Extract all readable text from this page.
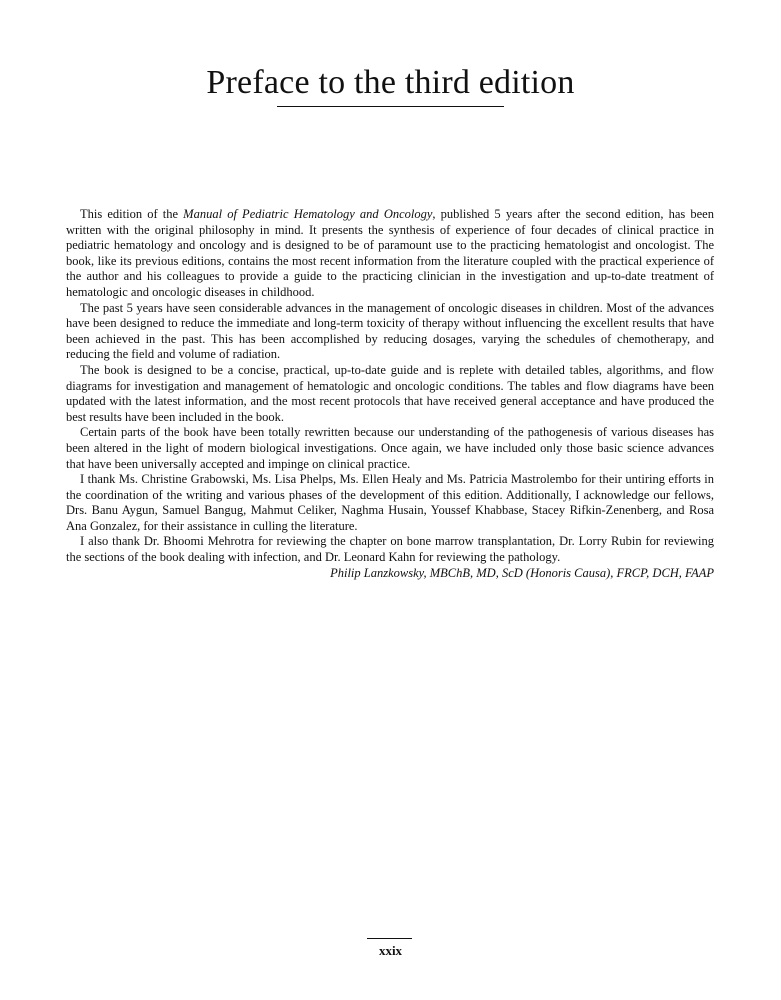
Preface to the third edition

This edition of the Manual of Pediatric Hematology and Oncology, published 5 years after the second edition, has been written with the original philosophy in mind. It presents the synthesis of experience of four decades of clinical practice in pediatric hematology and oncology and is designed to be of paramount use to the practicing hematologist and oncologist. The book, like its previous editions, contains the most recent information from the literature coupled with the practical experience of the author and his colleagues to provide a guide to the practicing clinician in the investigation and up-to-date treatment of hematologic and oncologic diseases in childhood.

The past 5 years have seen considerable advances in the management of oncologic diseases in children. Most of the advances have been designed to reduce the immediate and long-term toxicity of therapy without influencing the excellent results that have been achieved in the past. This has been accomplished by reducing dosages, varying the schedules of chemotherapy, and reducing the field and volume of radiation.

The book is designed to be a concise, practical, up-to-date guide and is replete with detailed tables, algorithms, and flow diagrams for investigation and management of hematologic and oncologic conditions. The tables and flow diagrams have been updated with the latest information, and the most recent protocols that have received general acceptance and have produced the best results have been included in the book.

Certain parts of the book have been totally rewritten because our understanding of the pathogenesis of various diseases has been altered in the light of modern biological investigations. Once again, we have included only those basic science advances that have been universally accepted and impinge on clinical practice.

I thank Ms. Christine Grabowski, Ms. Lisa Phelps, Ms. Ellen Healy and Ms. Patricia Mastrolembo for their untiring efforts in the coordination of the writing and various phases of the development of this edition. Additionally, I acknowledge our fellows, Drs. Banu Aygun, Samuel Bangug, Mahmut Celiker, Naghma Husain, Youssef Khabbase, Stacey Rifkin-Zenenberg, and Rosa Ana Gonzalez, for their assistance in culling the literature.

I also thank Dr. Bhoomi Mehrotra for reviewing the chapter on bone marrow transplantation, Dr. Lorry Rubin for reviewing the sections of the book dealing with infection, and Dr. Leonard Kahn for reviewing the pathology.

Philip Lanzkowsky, MBChB, MD, ScD (Honoris Causa), FRCP, DCH, FAAP

xxix
